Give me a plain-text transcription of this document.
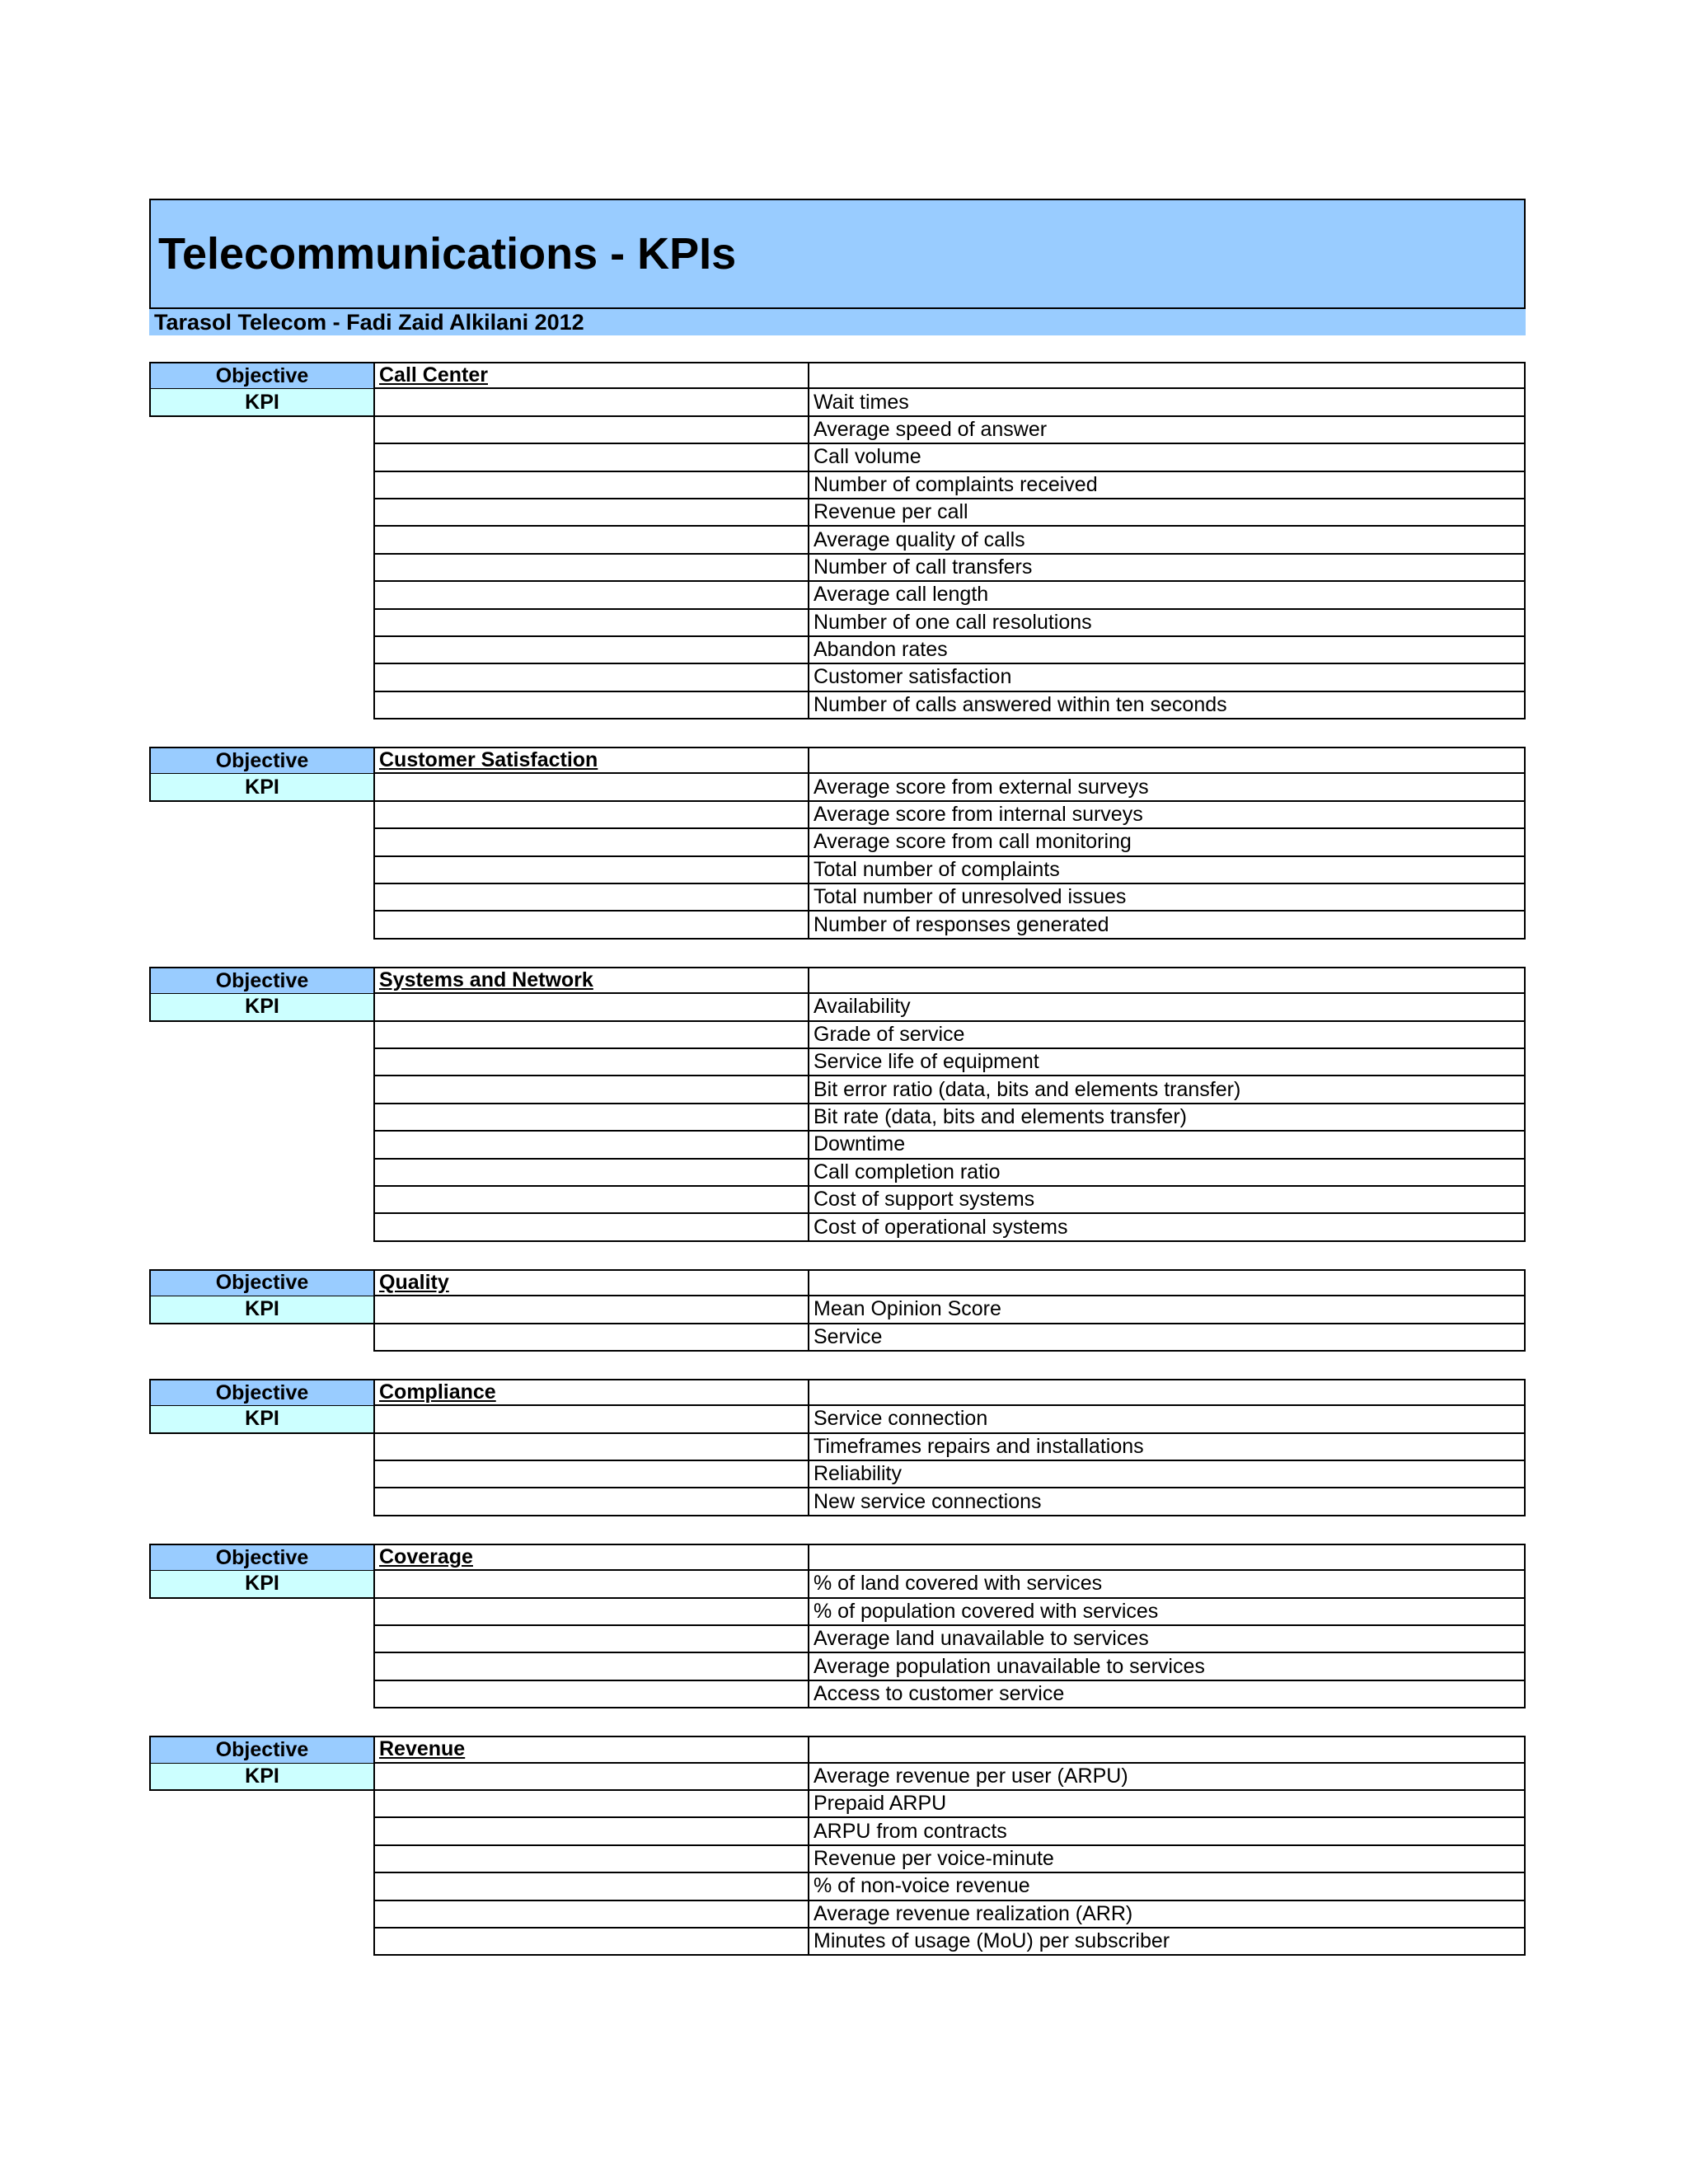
Telecommunications - KPIs
Tarasol Telecom - Fadi Zaid Alkilani 2012
Objective	Call Center
KPI	Wait times
Average speed of answer
Call volume
Number of complaints received
Revenue per call
Average quality of calls
Number of call transfers
Average call length
Number of one call resolutions
Abandon rates
Customer satisfaction
Number of calls answered within ten seconds
Objective	Customer Satisfaction
KPI	Average score from external surveys
Average score from internal surveys
Average score from call monitoring
Total number of complaints
Total number of unresolved issues
Number of responses generated
Objective	Systems and Network
KPI	Availability
Grade of service
Service life of equipment
Bit error ratio (data, bits and elements transfer)
Bit rate (data, bits and elements transfer)
Downtime
Call completion ratio
Cost of support systems
Cost of operational systems
Objective	Quality
KPI	Mean Opinion Score
Service
Objective	Compliance
KPI	Service connection
Timeframes repairs and installations
Reliability
New service connections
Objective	Coverage
KPI	% of land covered with services
% of population covered with services
Average land unavailable to services
Average population unavailable to services
Access to customer service
Objective	Revenue
KPI	Average revenue per user (ARPU)
Prepaid ARPU
ARPU from contracts
Revenue per voice-minute
% of non-voice revenue
Average revenue realization (ARR)
Minutes of usage (MoU) per subscriber
